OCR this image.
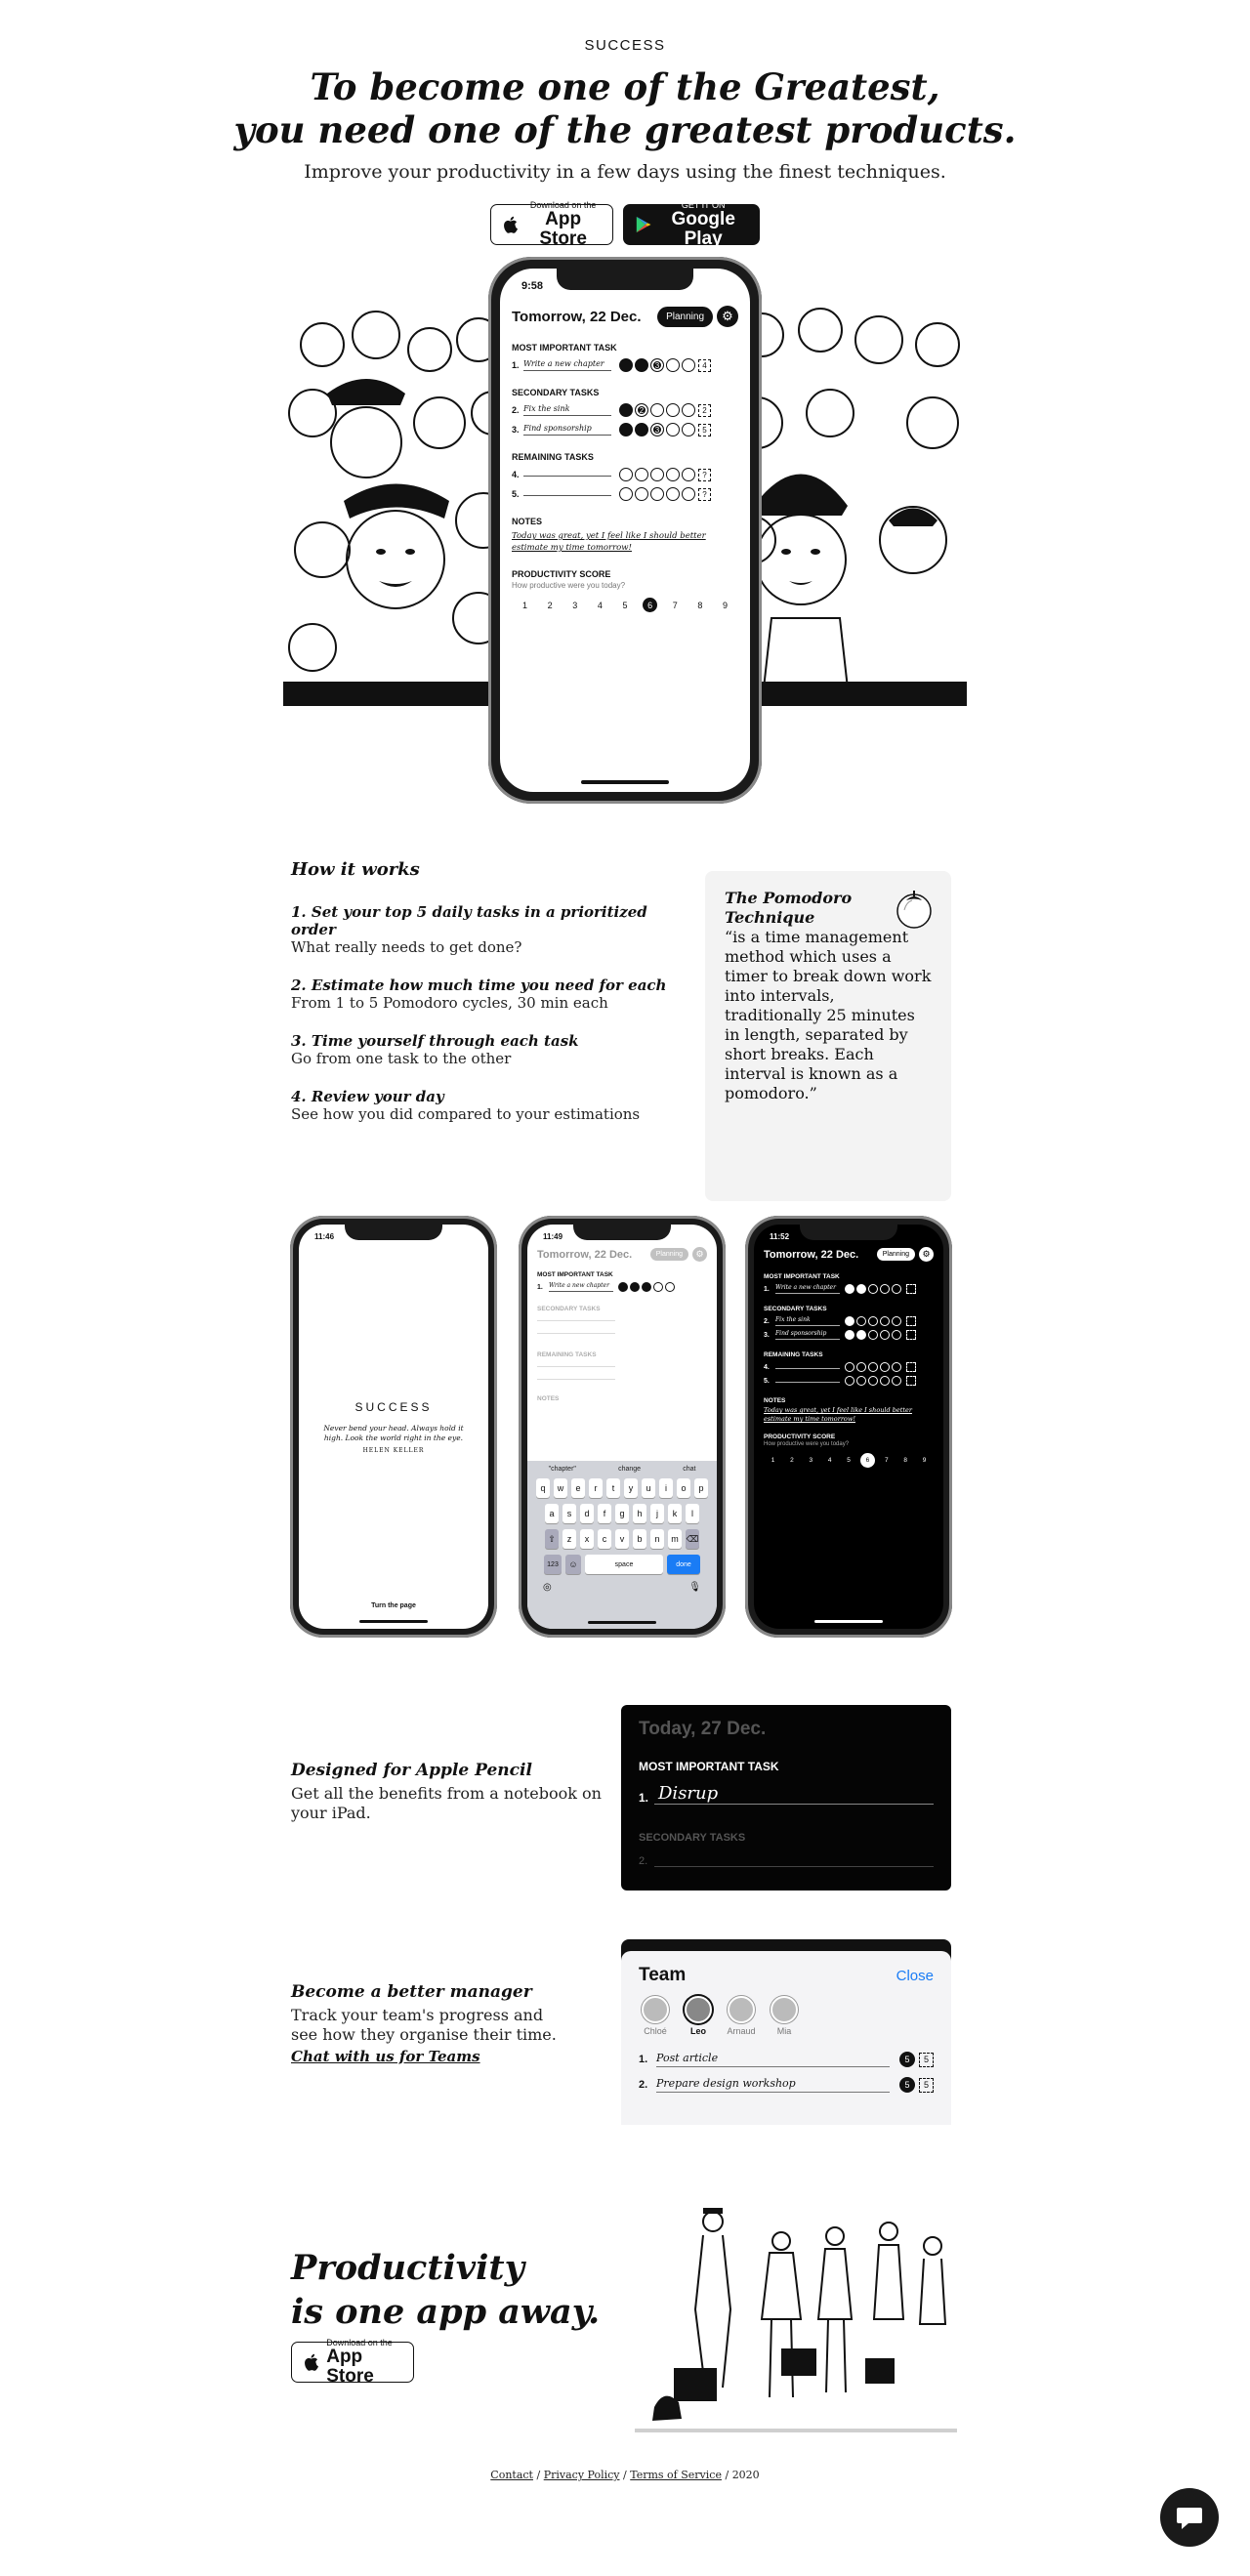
SUCCESS
To become one of the Greatest,
you need one of the greatest products.
Improve your productivity in a few days using the finest techniques.
Download on the
App Store
GET IT ON
Google Play
9:58
Tomorrow, 22 Dec.	Planning	⚙
MOST IMPORTANT TASK
1. Write a new chapter	3	4
SECONDARY TASKS
2. Fix the sink	2	2
3. Find sponsorship	3	5
REMAINING TASKS
4.	?
5.	?
NOTES
Today was great, yet I feel like I should better estimate my time tomorrow!
PRODUCTIVITY SCORE
How productive were you today?
1	2	3	4	5	6	7	8	9
How it works
1. Set your top 5 daily tasks in a prioritized order
What really needs to get done?
2. Estimate how much time you need for each
From 1 to 5 Pomodoro cycles, 30 min each
3. Time yourself through each task
Go from one task to the other
4. Review your day
See how you did compared to your estimations

The Pomodoro Technique

“is a time management method which uses a timer to break down work into intervals, traditionally 25 minutes in length, separated by short breaks. Each interval is known as a pomodoro.”

11:46
SUCCESS
Never bend your head. Always hold it high. Look the world right in the eye.
HELEN KELLER
Turn the page
11:49
Tomorrow, 22 Dec.	Planning	⚙
MOST IMPORTANT TASK
1.	Write a new chapter
SECONDARY TASKS
REMAINING TASKS
NOTES
"chapter"	change	chat
q	w	e	r	t	y	u	i	o	p
a	s	d	f	g	h	j	k	l
⇧	z	x	c	v	b	n	m ⌫
123	☺	space	done
◎	🎙
11:52
Tomorrow, 22 Dec.	Planning	⚙
MOST IMPORTANT TASK
1.	Write a new chapter
SECONDARY TASKS
2.	Fix the sink
3.	Find sponsorship
REMAINING TASKS
4.
5.
NOTES
Today was great, yet I feel like I should better estimate my time tomorrow!
PRODUCTIVITY SCORE
How productive were you today?
1	2	3	4	5	6	7	8	9
Designed for Apple Pencil
Get all the benefits from a notebook on your iPad.
Today, 27 Dec.
MOST IMPORTANT TASK
1. Disrup
SECONDARY TASKS
2.
Become a better manager
Track your team's progress and see how they organise their time.
Chat with us for Teams
Team	Close
Chloé	Leo	Arnaud	Mia
1. Post article	5	5
2. Prepare design workshop	5	5
Productivity
is one app away.
Download on the
App Store
Contact / Privacy Policy / Terms of Service / 2020
